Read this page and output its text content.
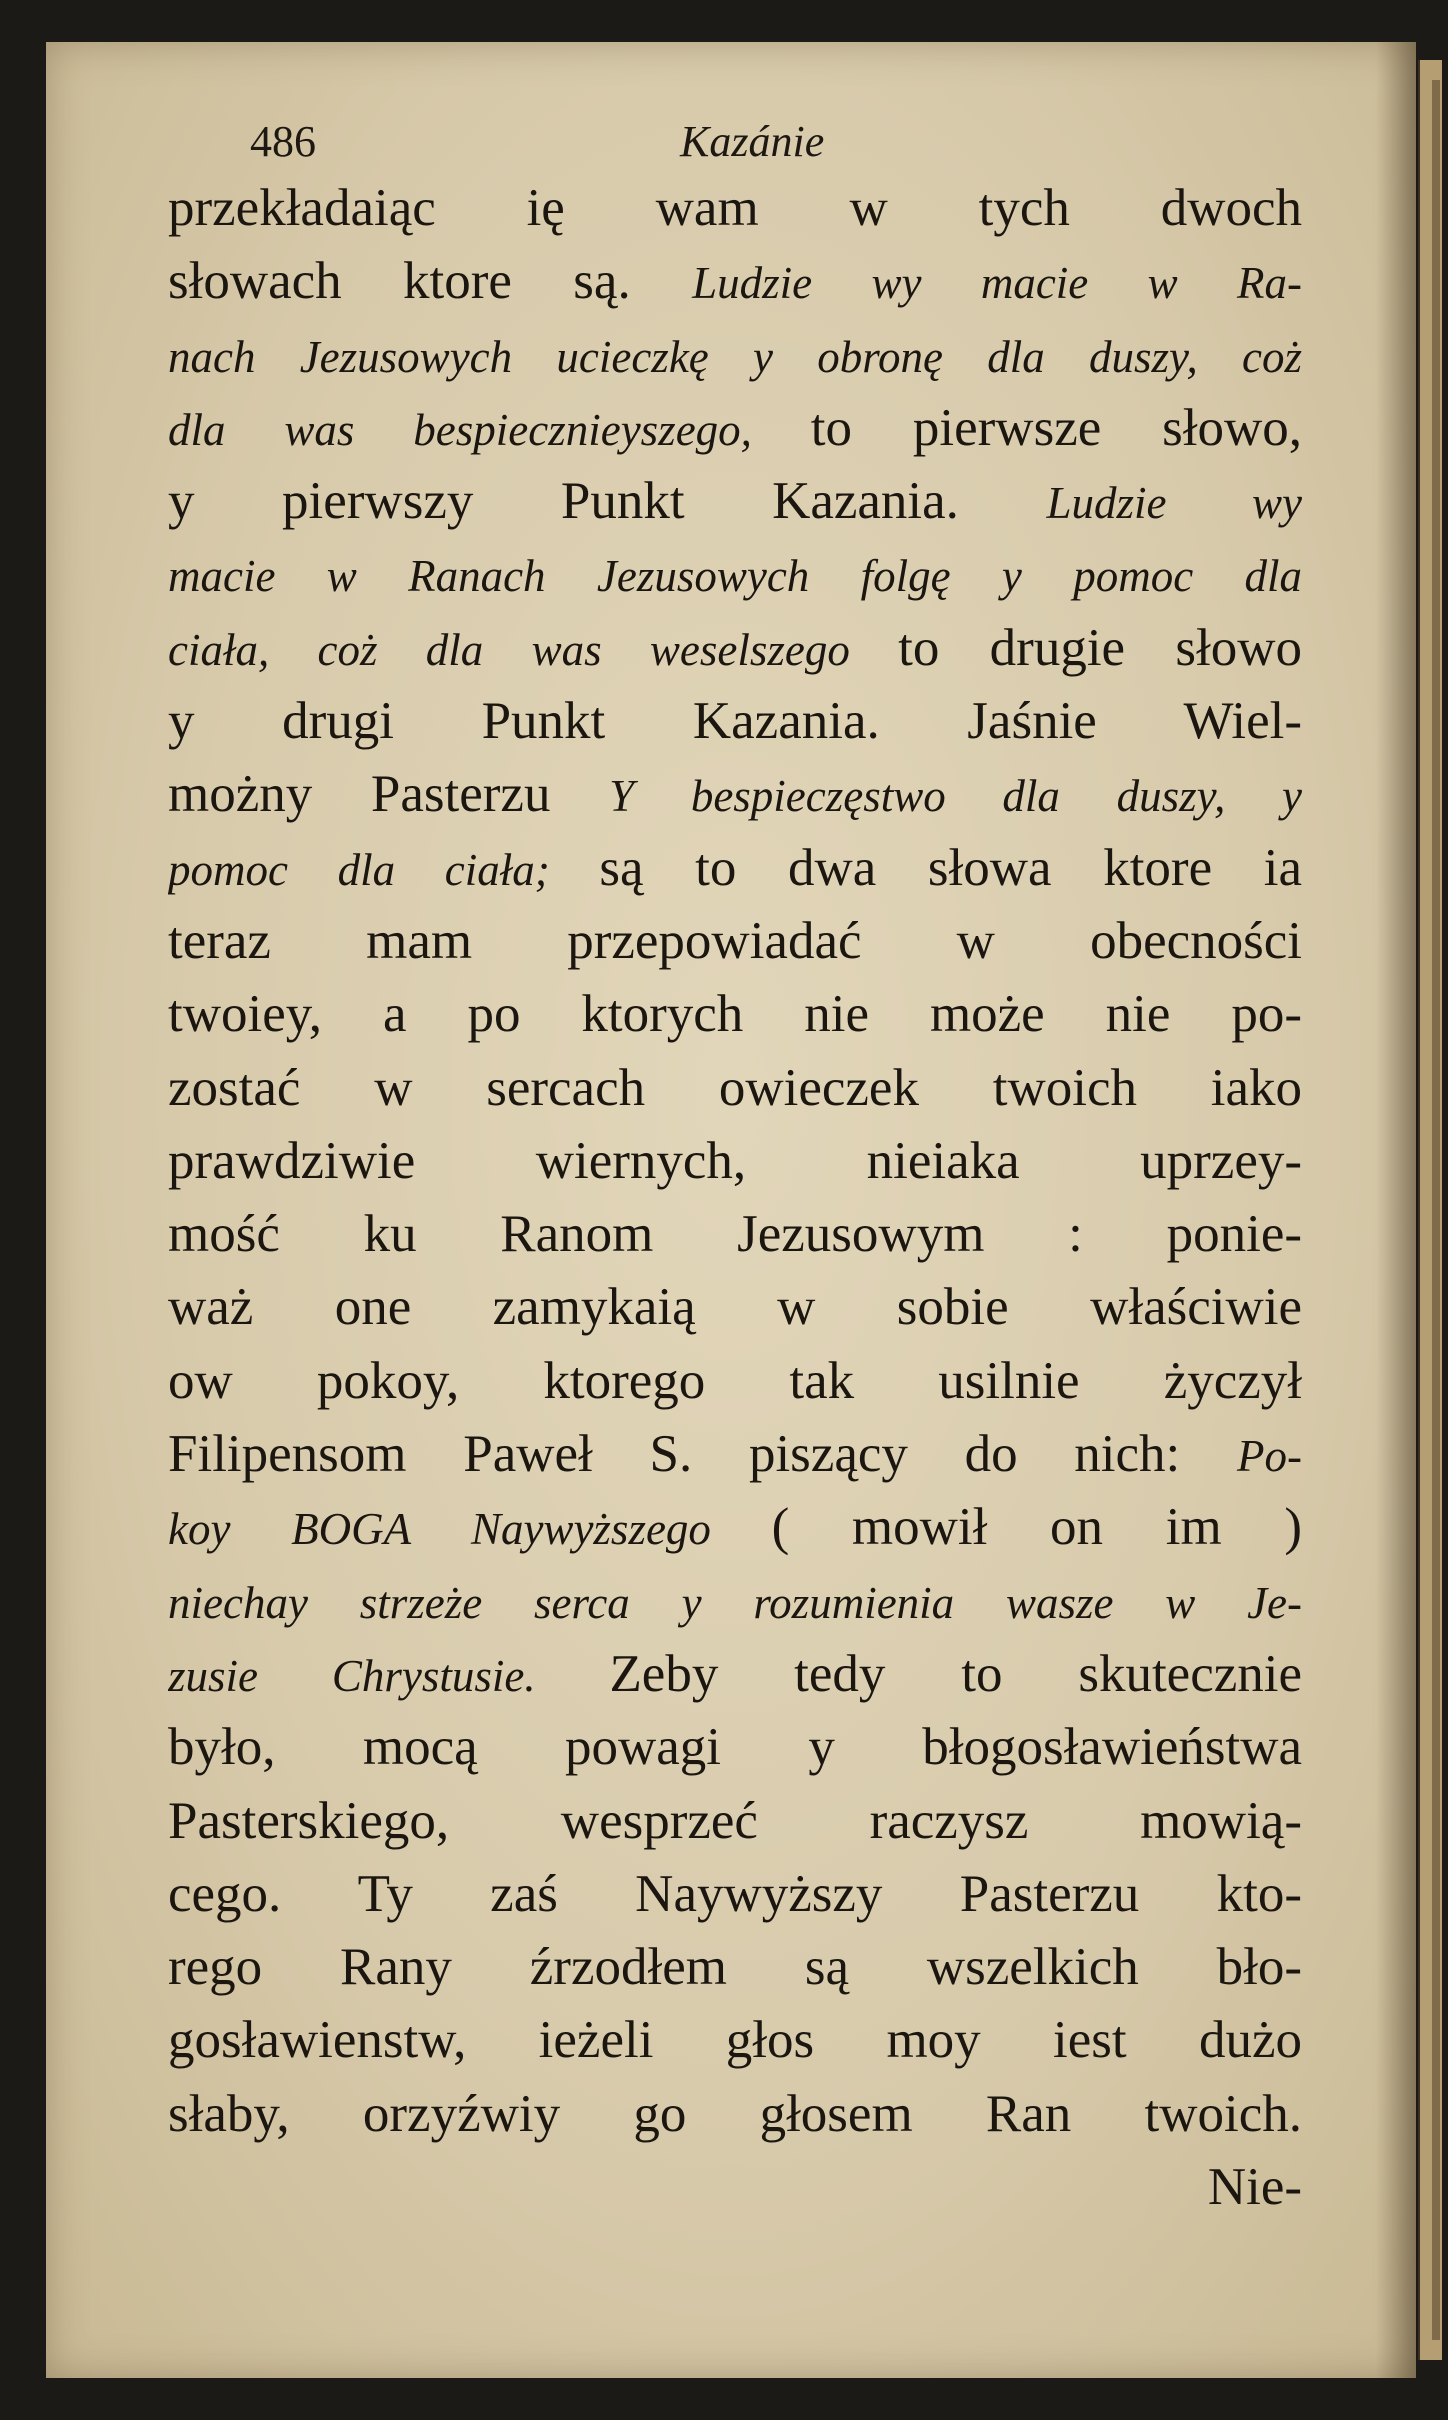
486	Kazánie
przekładaiąc ię wam w tych dwoch
słowach ktore są. Ludzie wy macie w Ra-
nach Jezusowych ucieczkę y obronę dla duszy, coż
dla was bespiecznieyszego, to pierwsze słowo,
y pierwszy Punkt Kazania. Ludzie wy
macie w Ranach Jezusowych folgę y pomoc dla
ciała, coż dla was weselszego to drugie słowo
y drugi Punkt Kazania. Jaśnie Wiel-
możny Pasterzu Y bespieczęstwo dla duszy, y
pomoc dla ciała; są to dwa słowa ktore ia
teraz mam przepowiadać w obecności
twoiey, a po ktorych nie może nie po-
zostać w sercach owieczek twoich iako
prawdziwie wiernych, nieiaka uprzey-
mość ku Ranom Jezusowym : ponie-
waż one zamykaią w sobie właściwie
ow pokoy, ktorego tak usilnie życzył
Filipensom Paweł S. piszący do nich: Po-
koy BOGA Naywyższego ( mowił on im )
niechay strzeże serca y rozumienia wasze w Je-
zusie Chrystusie. Zeby tedy to skutecznie
było, mocą powagi y błogosławieństwa
Pasterskiego, wesprzeć raczysz mowią-
cego. Ty zaś Naywyższy Pasterzu kto-
rego Rany źrzodłem są wszelkich bło-
gosławienstw, ieżeli głos moy iest dużo
słaby, orzyźwiy go głosem Ran twoich.
Nie-
